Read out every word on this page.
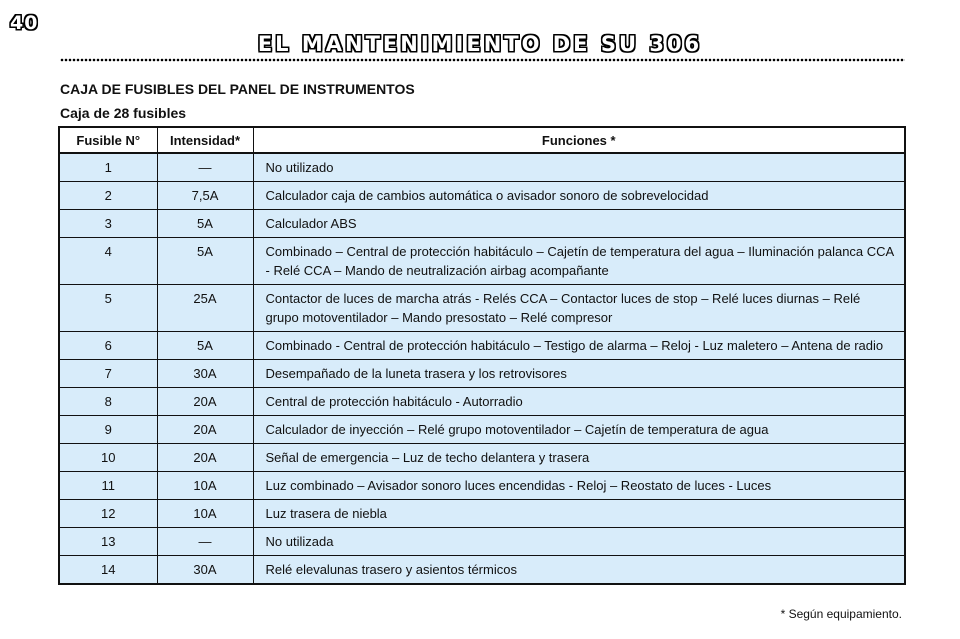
40
EL MANTENIMIENTO DE SU 306
CAJA DE FUSIBLES DEL PANEL DE INSTRUMENTOS
Caja de 28 fusibles
Fusible N°	Intensidad*	Funciones *
1	—	No utilizado
2	7,5A	Calculador caja de cambios automática o avisador sonoro de sobrevelocidad
3	5A	Calculador ABS
4	5A	Combinado – Central de protección habitáculo – Cajetín de temperatura del agua – Iluminación palanca CCA - Relé CCA – Mando de neutralización airbag acompañante
5	25A	Contactor de luces de marcha atrás - Relés CCA – Contactor luces de stop – Relé luces diurnas – Relé grupo motoventilador – Mando presostato – Relé compresor
6	5A	Combinado - Central de protección habitáculo – Testigo de alarma – Reloj - Luz maletero – Antena de radio
7	30A	Desempañado de la luneta trasera y los retrovisores
8	20A	Central de protección habitáculo - Autorradio
9	20A	Calculador de inyección – Relé grupo motoventilador – Cajetín de temperatura de agua
10	20A	Señal de emergencia – Luz de techo delantera y trasera
11	10A	Luz combinado – Avisador sonoro luces encendidas - Reloj – Reostato de luces - Luces
12	10A	Luz trasera de niebla
13	—	No utilizada
14	30A	Relé elevalunas trasero y asientos térmicos
* Según equipamiento.
